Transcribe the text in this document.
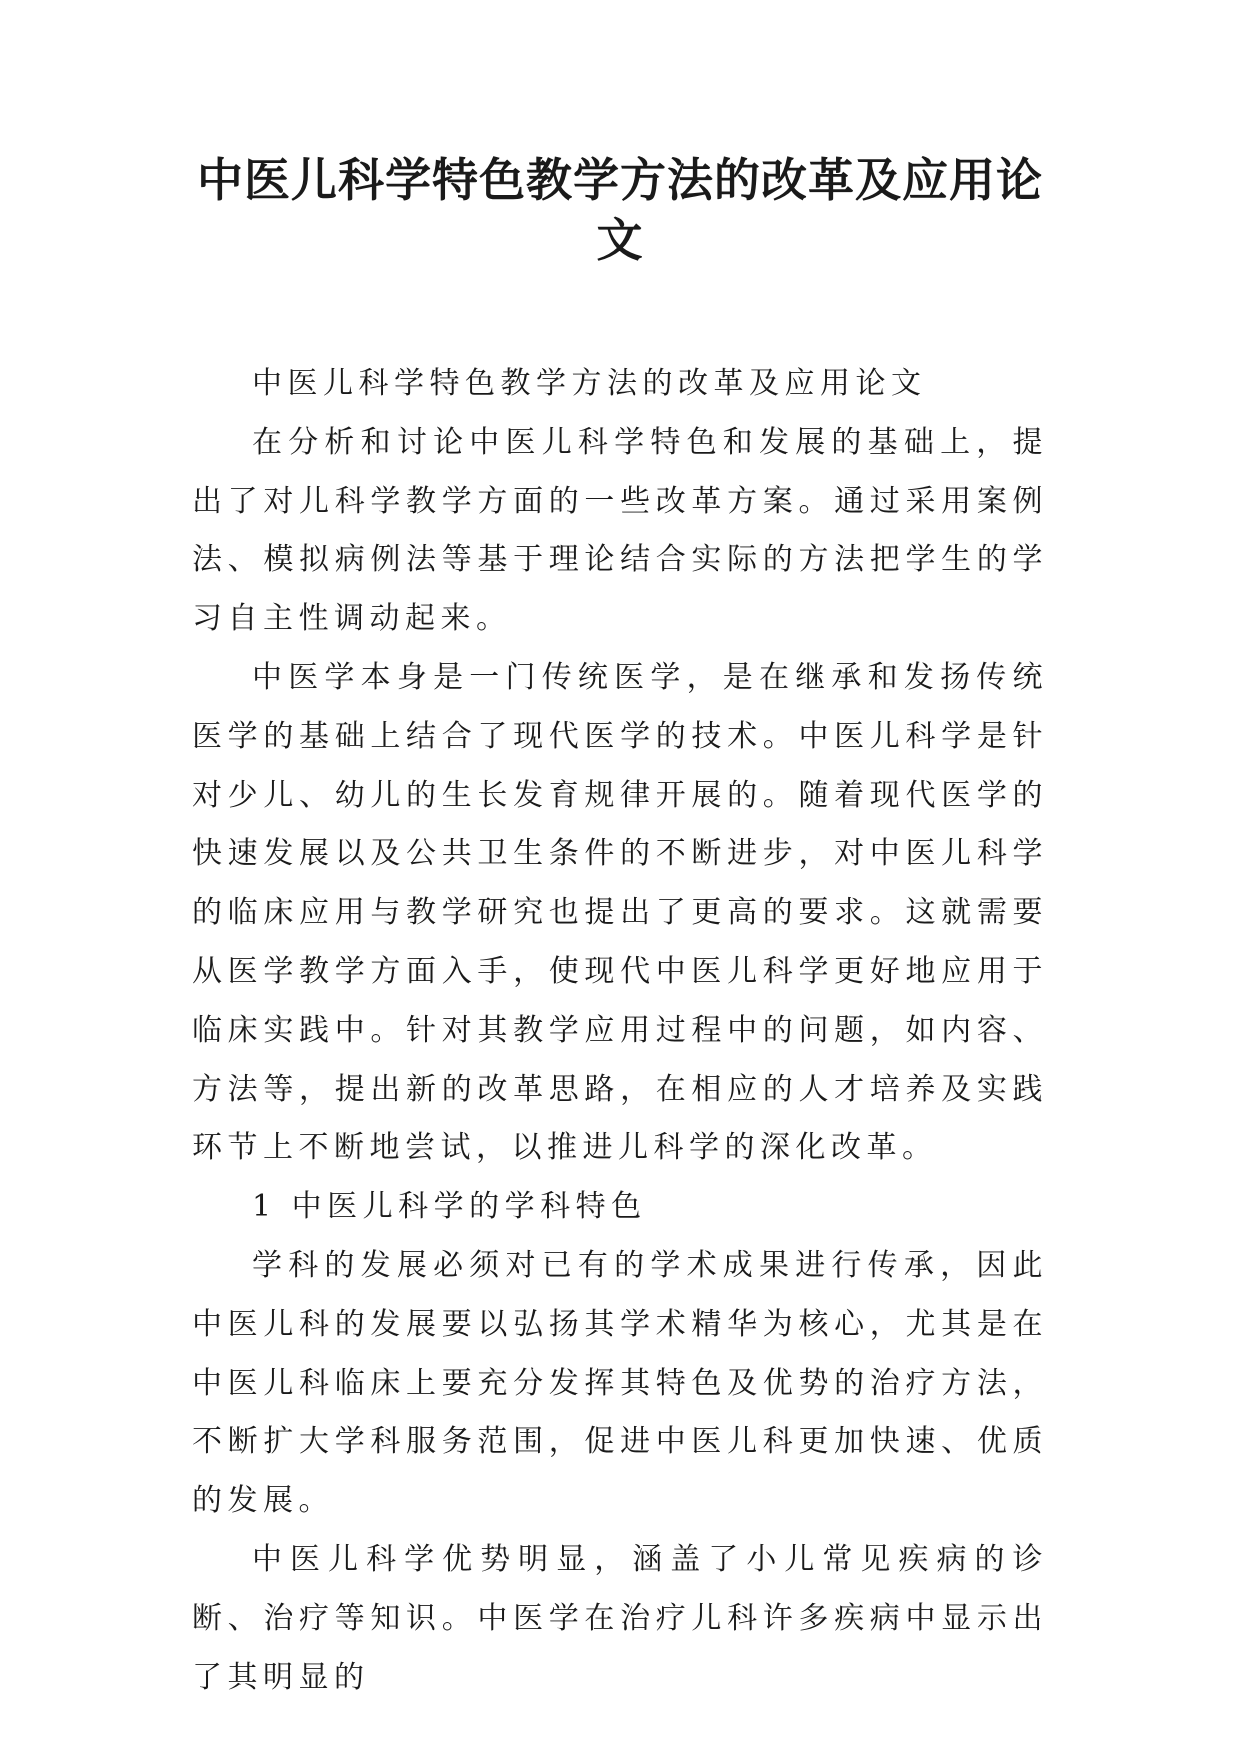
中医儿科学特色教学方法的改革及应用论
文

中医儿科学特色教学方法的改革及应用论文

在分析和讨论中医儿科学特色和发展的基础上，提出了对儿科学教学方面的一些改革方案。通过采用案例法、模拟病例法等基于理论结合实际的方法把学生的学习自主性调动起来。

中医学本身是一门传统医学，是在继承和发扬传统医学的基础上结合了现代医学的技术。中医儿科学是针对少儿、幼儿的生长发育规律开展的。随着现代医学的快速发展以及公共卫生条件的不断进步，对中医儿科学的临床应用与教学研究也提出了更高的要求。这就需要从医学教学方面入手，使现代中医儿科学更好地应用于临床实践中。针对其教学应用过程中的问题，如内容、方法等，提出新的改革思路，在相应的人才培养及实践环节上不断地尝试，以推进儿科学的深化改革。

1 中医儿科学的学科特色

学科的发展必须对已有的学术成果进行传承，因此中医儿科的发展要以弘扬其学术精华为核心，尤其是在中医儿科临床上要充分发挥其特色及优势的治疗方法，不断扩大学科服务范围，促进中医儿科更加快速、优质的发展。

中医儿科学优势明显，涵盖了小儿常见疾病的诊断、治疗等知识。中医学在治疗儿科许多疾病中显示出了其明显的
